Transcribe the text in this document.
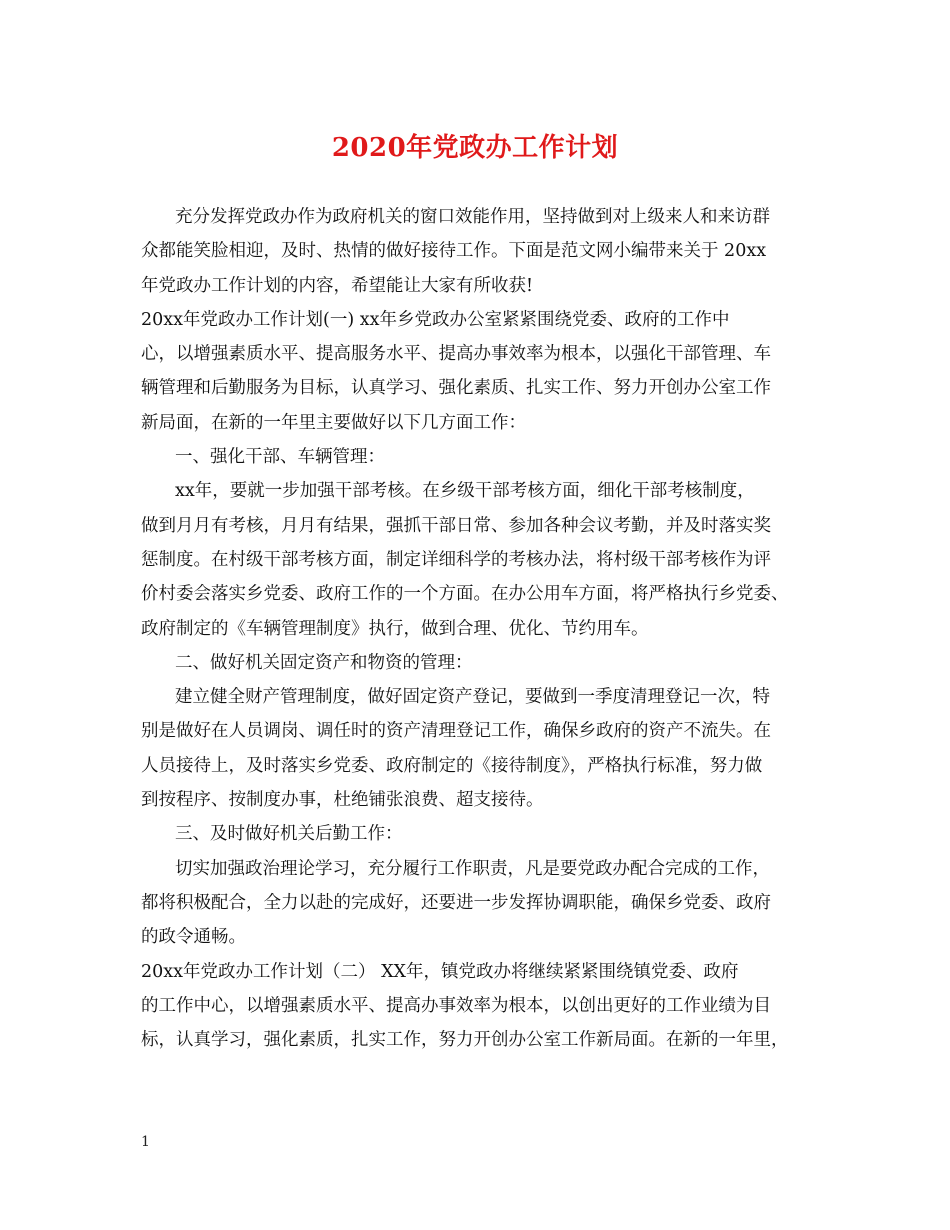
2020年党政办工作计划
充分发挥党政办作为政府机关的窗口效能作用，坚持做到对上级来人和来访群
众都能笑脸相迎，及时、热情的做好接待工作。下面是范文网小编带来关于 20xx
年党政办工作计划的内容，希望能让大家有所收获!
20xx年党政办工作计划(一) xx年乡党政办公室紧紧围绕党委、政府的工作中
心，以增强素质水平、提高服务水平、提高办事效率为根本，以强化干部管理、车
辆管理和后勤服务为目标，认真学习、强化素质、扎实工作、努力开创办公室工作
新局面，在新的一年里主要做好以下几方面工作：
一、强化干部、车辆管理：
xx年，要就一步加强干部考核。在乡级干部考核方面，细化干部考核制度，
做到月月有考核，月月有结果，强抓干部日常、参加各种会议考勤，并及时落实奖
惩制度。在村级干部考核方面，制定详细科学的考核办法，将村级干部考核作为评
价村委会落实乡党委、政府工作的一个方面。在办公用车方面，将严格执行乡党委、
政府制定的《车辆管理制度》执行，做到合理、优化、节约用车。
二、做好机关固定资产和物资的管理：
建立健全财产管理制度，做好固定资产登记，要做到一季度清理登记一次，特
别是做好在人员调岗、调任时的资产清理登记工作，确保乡政府的资产不流失。在
人员接待上，及时落实乡党委、政府制定的《接待制度》，严格执行标准，努力做
到按程序、按制度办事，杜绝铺张浪费、超支接待。
三、及时做好机关后勤工作：
切实加强政治理论学习，充分履行工作职责，凡是要党政办配合完成的工作，
都将积极配合，全力以赴的完成好，还要进一步发挥协调职能，确保乡党委、政府
的政令通畅。
20xx年党政办工作计划（二） XX年，镇党政办将继续紧紧围绕镇党委、政府
的工作中心，以增强素质水平、提高办事效率为根本，以创出更好的工作业绩为目
标，认真学习，强化素质，扎实工作，努力开创办公室工作新局面。在新的一年里，
1
